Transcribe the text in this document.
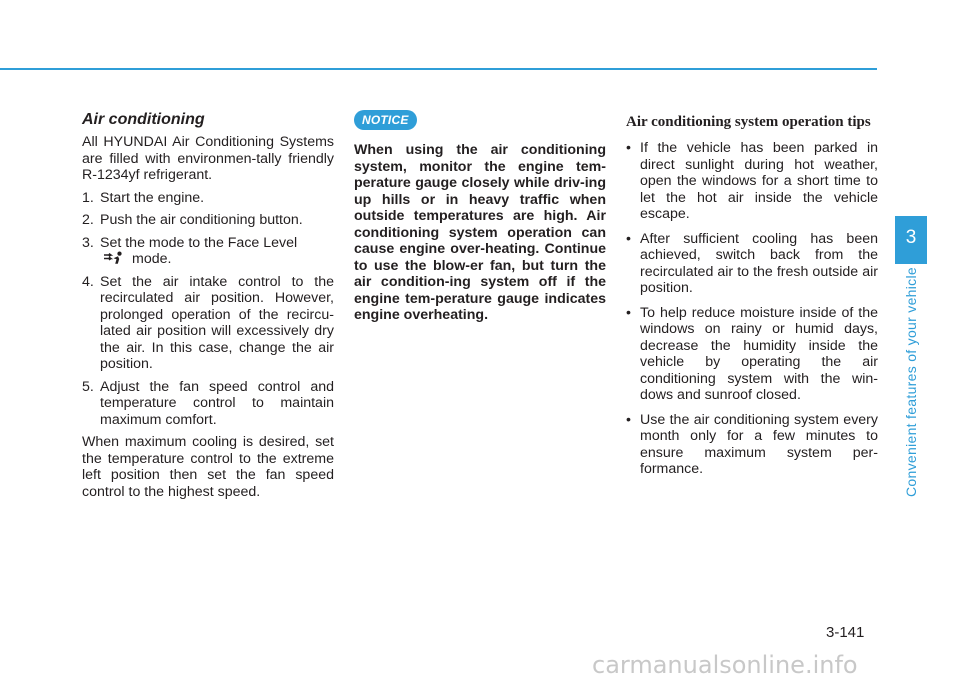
Air conditioning

All HYUNDAI Air Conditioning Systems are filled with environmen-tally friendly R-1234yf refrigerant.

1. Start the engine.
2. Push the air conditioning button.
3. Set the mode to the Face Level
mode.
4. Set the air intake control to the recirculated air position. However, prolonged operation of the recircu-lated air position will excessively dry the air. In this case, change the air position.
5. Adjust the fan speed control and temperature control to maintain maximum comfort.

When maximum cooling is desired, set the temperature control to the extreme left position then set the fan speed control to the highest speed.

NOTICE

When using the air conditioning system, monitor the engine tem-perature gauge closely while driv-ing up hills or in heavy traffic when outside temperatures are high. Air conditioning system operation can cause engine over-heating. Continue to use the blow-er fan, but turn the air condition-ing system off if the engine tem-perature gauge indicates engine overheating.

Air conditioning system operation tips
• If the vehicle has been parked in direct sunlight during hot weather, open the windows for a short time to let the hot air inside the vehicle escape.
• After sufficient cooling has been achieved, switch back from the recirculated air to the fresh outside air position.
• To help reduce moisture inside of the windows on rainy or humid days, decrease the humidity inside the vehicle by operating the air conditioning system with the win-dows and sunroof closed.
• Use the air conditioning system every month only for a few minutes to ensure maximum system per-formance.
3
Convenient features of your vehicle
3-141
carmanualsonline.info
